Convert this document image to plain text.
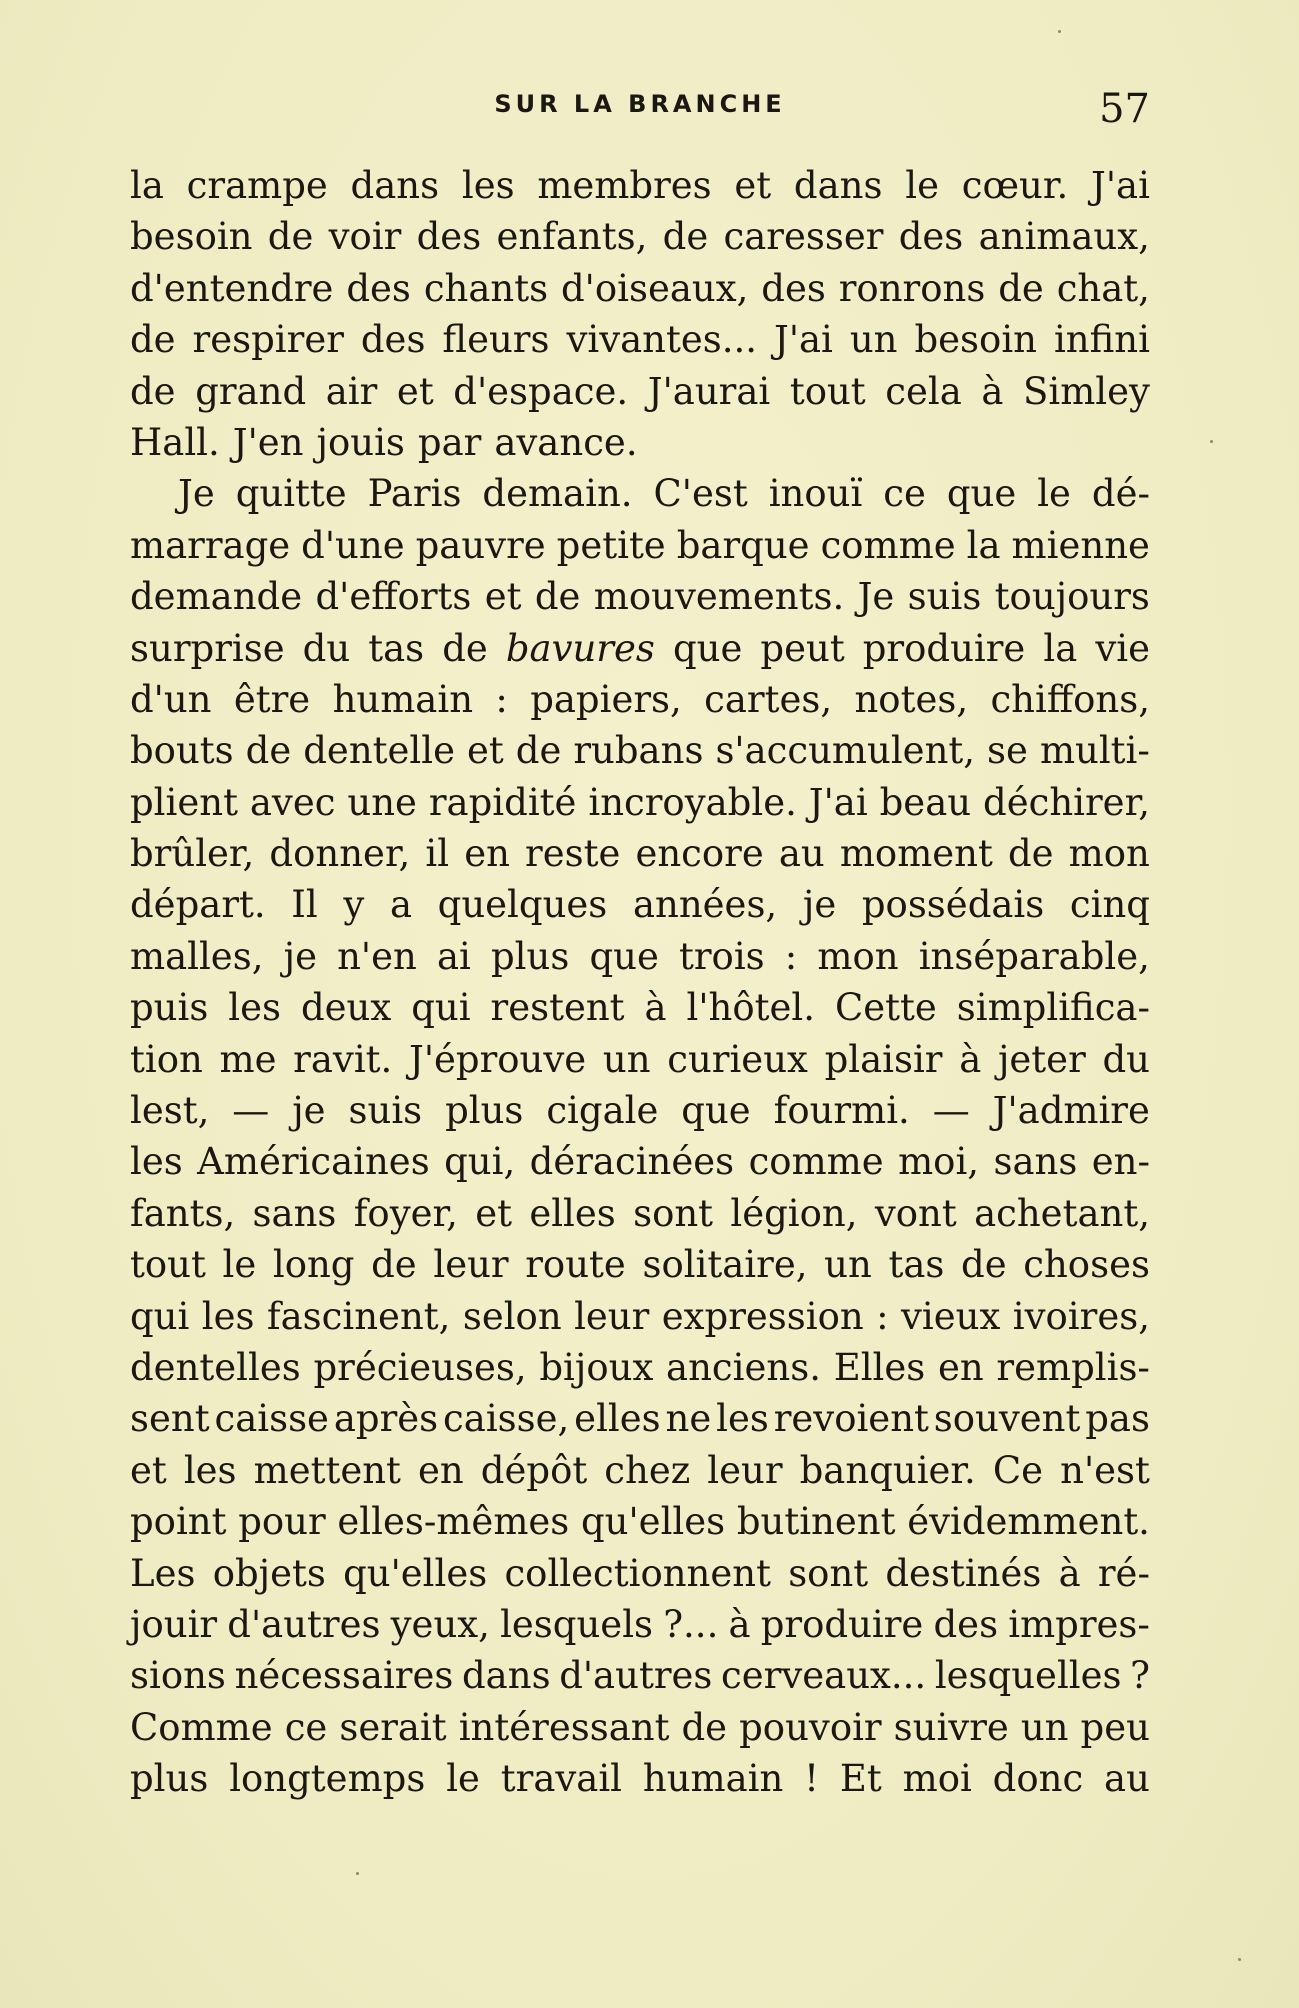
SUR LA BRANCHE	57
la crampe dans les membres et dans le cœur. J'ai
besoin de voir des enfants, de caresser des animaux,
d'entendre des chants d'oiseaux, des ronrons de chat,
de respirer des fleurs vivantes... J'ai un besoin infini
de grand air et d'espace. J'aurai tout cela à Simley
Hall. J'en jouis par avance.
Je quitte Paris demain. C'est inouï ce que le dé-
marrage d'une pauvre petite barque comme la mienne
demande d'efforts et de mouvements. Je suis toujours
surprise du tas de bavures que peut produire la vie
d'un être humain : papiers, cartes, notes, chiffons,
bouts de dentelle et de rubans s'accumulent, se multi-
plient avec une rapidité incroyable. J'ai beau déchirer,
brûler, donner, il en reste encore au moment de mon
départ. Il y a quelques années, je possédais cinq
malles, je n'en ai plus que trois : mon inséparable,
puis les deux qui restent à l'hôtel. Cette simplifica-
tion me ravit. J'éprouve un curieux plaisir à jeter du
lest, — je suis plus cigale que fourmi. — J'admire
les Américaines qui, déracinées comme moi, sans en-
fants, sans foyer, et elles sont légion, vont achetant,
tout le long de leur route solitaire, un tas de choses
qui les fascinent, selon leur expression : vieux ivoires,
dentelles précieuses, bijoux anciens. Elles en remplis-
sent caisse après caisse, elles ne les revoient souvent pas
et les mettent en dépôt chez leur banquier. Ce n'est
point pour elles-mêmes qu'elles butinent évidemment.
Les objets qu'elles collectionnent sont destinés à ré-
jouir d'autres yeux, lesquels ?... à produire des impres-
sions nécessaires dans d'autres cerveaux... lesquelles ?
Comme ce serait intéressant de pouvoir suivre un peu
plus longtemps le travail humain ! Et moi donc au
